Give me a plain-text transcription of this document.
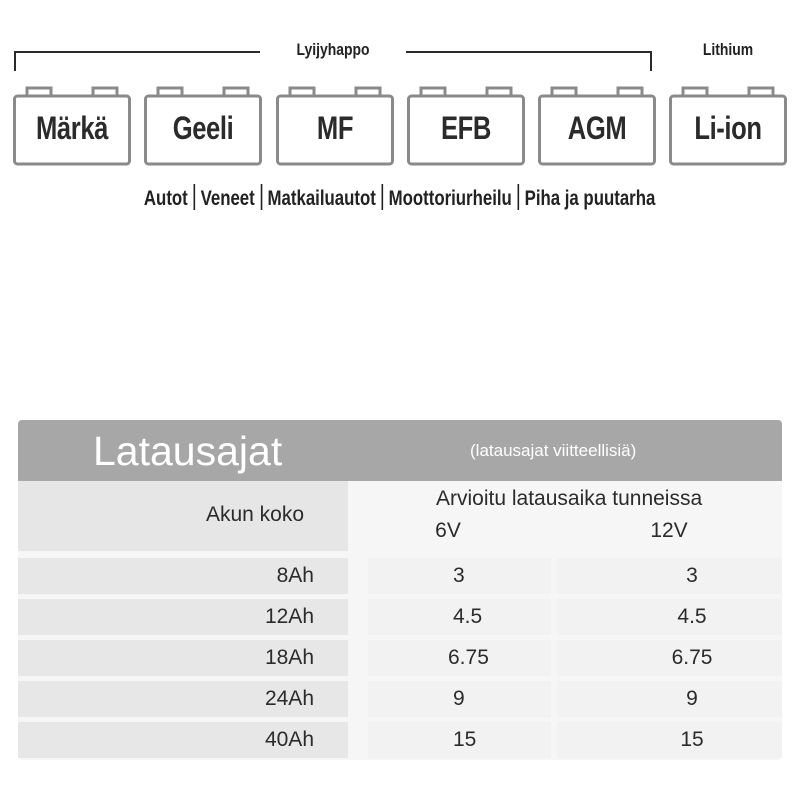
Lyijyhappo	Lithium
Märkä	Geeli	MF	EFB	AGM	Li-ion
Autot Veneet Matkailuautot Moottoriurheilu Piha ja puutarha
Latausajat	(latausajat viitteellisiä)
Akun koko
Arvioitu latausaika tunneissa
6V	12V
8Ah	3	3
12Ah	4.5	4.5
18Ah	6.75	6.75
24Ah	9	9
40Ah	15	15
